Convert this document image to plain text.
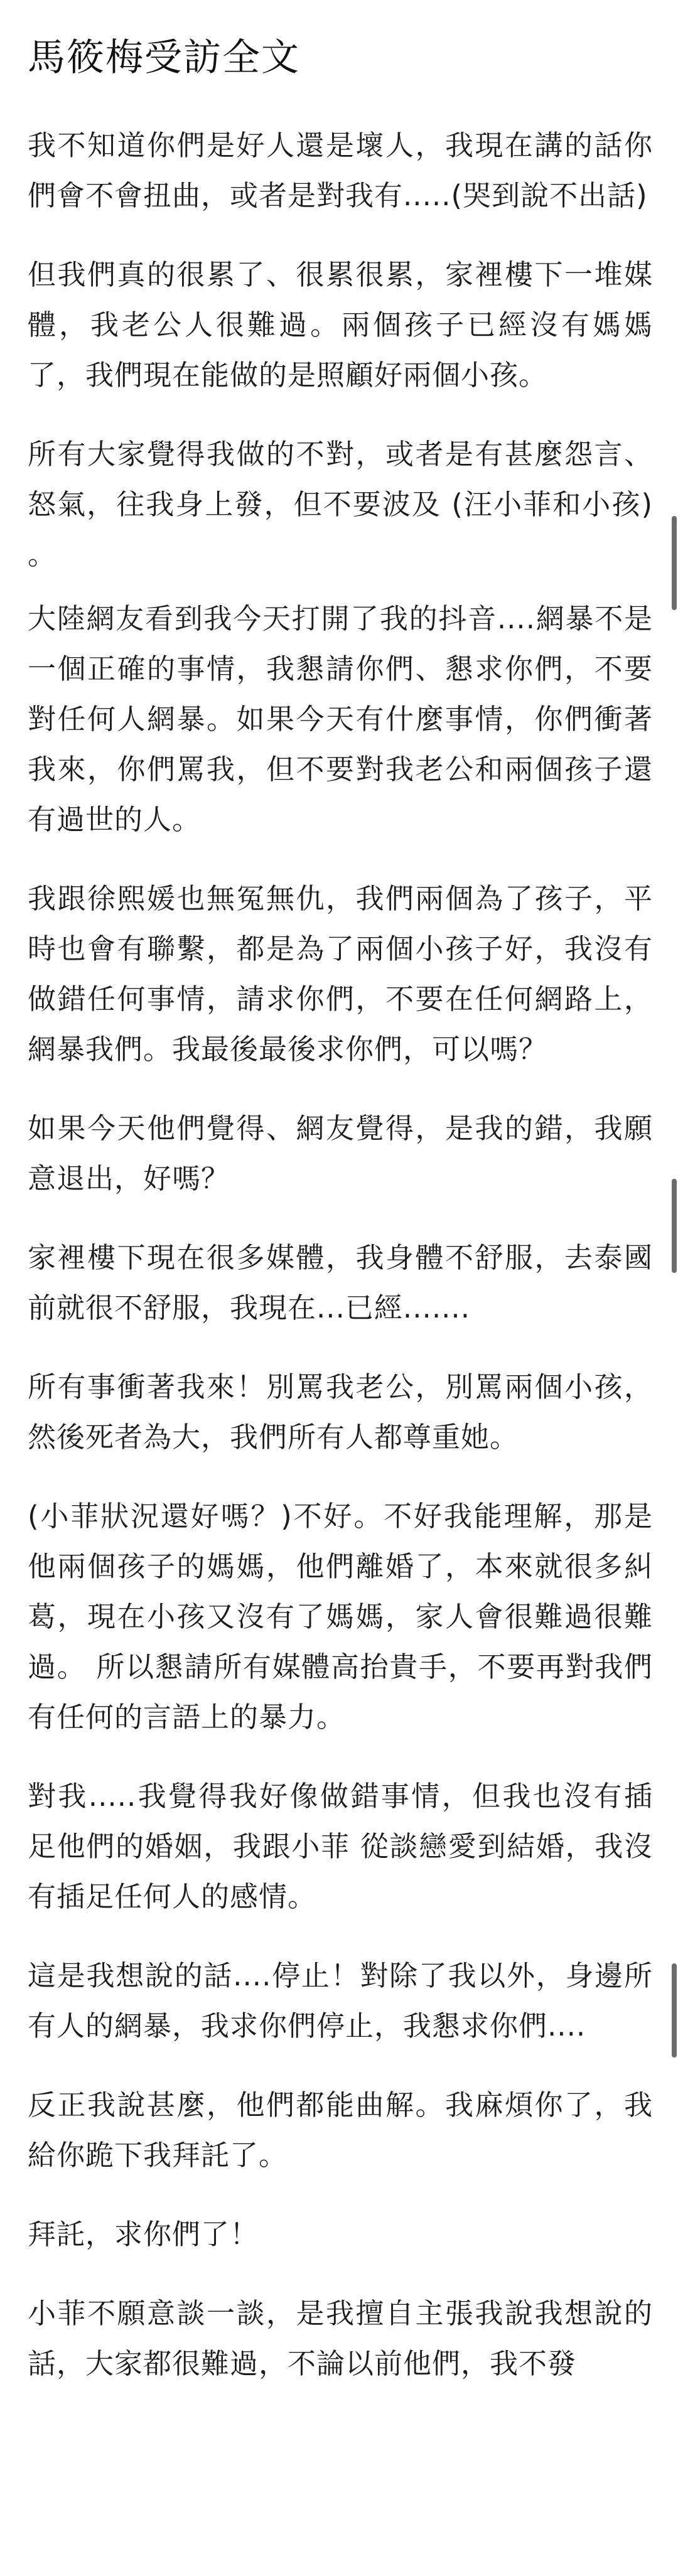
馬筱梅受訪全文

我不知道你們是好人還是壞人，我現在講的話你們會不會扭曲，或者是對我有.....(哭到說不出話)

但我們真的很累了、很累很累，家裡樓下一堆媒體，我老公人很難過。兩個孩子已經沒有媽媽了，我們現在能做的是照顧好兩個小孩。

所有大家覺得我做的不對，或者是有甚麼怨言、怒氣，往我身上發，但不要波及 (汪小菲和小孩) 。

大陸網友看到我今天打開了我的抖音....網暴不是一個正確的事情，我懇請你們、懇求你們，不要對任何人網暴。如果今天有什麼事情，你們衝著我來，你們罵我，但不要對我老公和兩個孩子還有過世的人。

我跟徐熙媛也無冤無仇，我們兩個為了孩子，平時也會有聯繫，都是為了兩個小孩子好，我沒有做錯任何事情，請求你們，不要在任何網路上，網暴我們。我最後最後求你們，可以嗎？

如果今天他們覺得、網友覺得，是我的錯，我願意退出，好嗎？

家裡樓下現在很多媒體，我身體不舒服，去泰國前就很不舒服，我現在...已經.......

所有事衝著我來！別罵我老公，別罵兩個小孩，然後死者為大，我們所有人都尊重她。

(小菲狀況還好嗎？)不好。不好我能理解，那是他兩個孩子的媽媽，他們離婚了，本來就很多糾葛，現在小孩又沒有了媽媽，家人會很難過很難過。 所以懇請所有媒體高抬貴手，不要再對我們有任何的言語上的暴力。

對我.....我覺得我好像做錯事情，但我也沒有插足他們的婚姻，我跟小菲 從談戀愛到結婚，我沒有插足任何人的感情。

這是我想說的話....停止！對除了我以外，身邊所有人的網暴，我求你們停止，我懇求你們....

反正我說甚麼，他們都能曲解。我麻煩你了，我給你跪下我拜託了。

拜託，求你們了！

小菲不願意談一談，是我擅自主張我說我想說的話，大家都很難過，不論以前他們，我不發
